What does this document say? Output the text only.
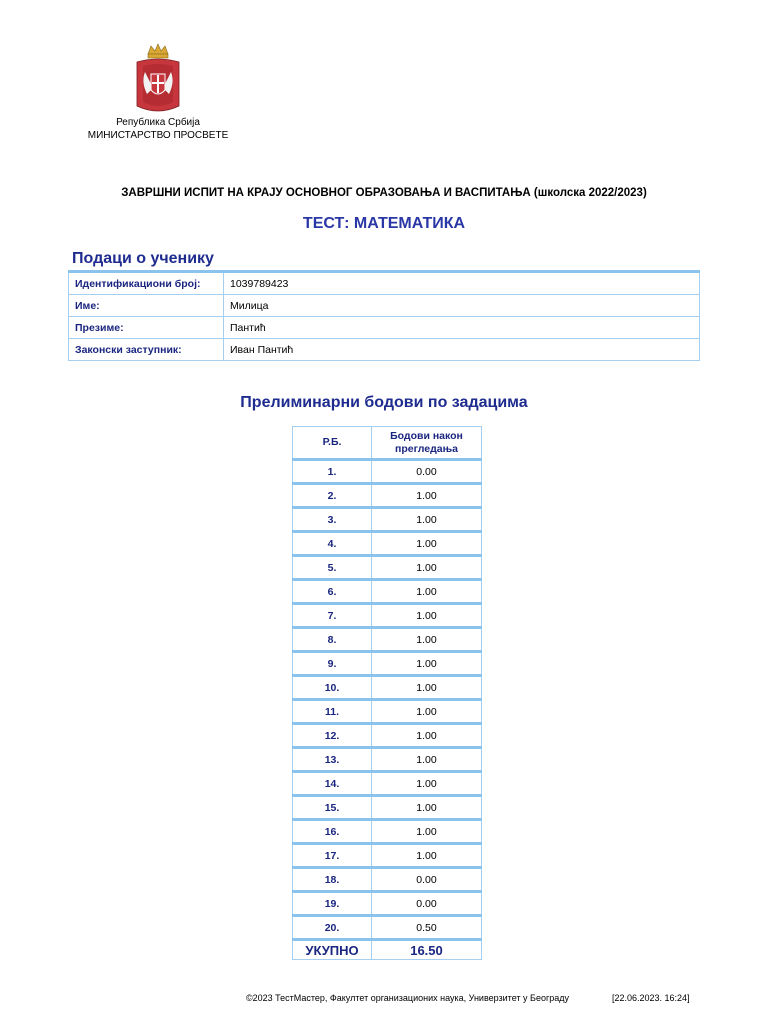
Република Србија
МИНИСТАРСТВО ПРОСВЕТЕ
ЗАВРШНИ ИСПИТ НА КРАЈУ ОСНОВНОГ ОБРАЗОВАЊА И ВАСПИТАЊА (школска 2022/2023)
ТЕСТ: МАТЕМАТИКА
Подаци о ученику
Идентификациони број:	1039789423
Име:	Милица
Презиме:	Пантић
Законски заступник:	Иван Пантић
Прелиминарни бодови по задацима
Р.Б.	Бодови након прегледања
1.	0.00
2.	1.00
3.	1.00
4.	1.00
5.	1.00
6.	1.00
7.	1.00
8.	1.00
9.	1.00
10.	1.00
11.	1.00
12.	1.00
13.	1.00
14.	1.00
15.	1.00
16.	1.00
17.	1.00
18.	0.00
19.	0.00
20.	0.50
УКУПНО	16.50
©2023 ТестМастер, Факултет организационих наука, Универзитет у Београду	[22.06.2023. 16:24]
